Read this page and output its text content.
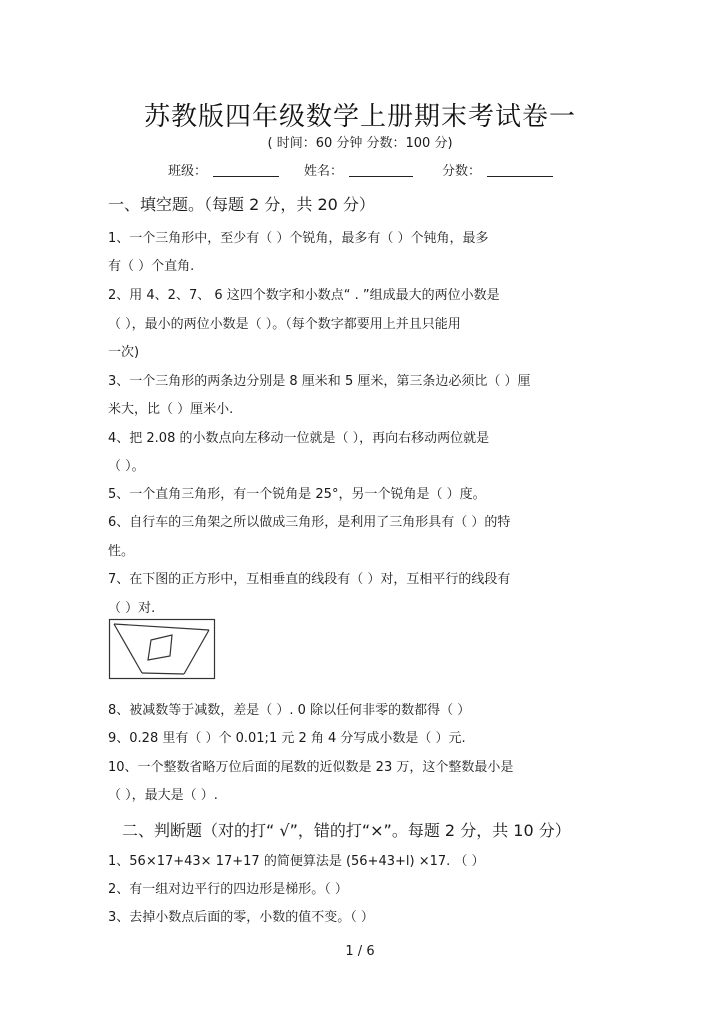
苏教版四年级数学上册期末考试卷一
( 时间：60 分钟 分数：100 分)
班级：	姓名：	分数：
一、填空题。（每题 2 分，共 20 分）
1、一个三角形中，至少有（ ）个锐角，最多有（ ）个钝角，最多
有（ ）个直角.
2、用 4、2、7、 6 这四个数字和小数点“ . ”组成最大的两位小数是
（ ），最小的两位小数是（ ）。（每个数字都要用上并且只能用
一次)
3、一个三角形的两条边分别是 8 厘米和 5 厘米，第三条边必须比（ ）厘
米大，比（ ）厘米小.
4、把 2.08 的小数点向左移动一位就是（ ），再向右移动两位就是
（ ）。
5、一个直角三角形，有一个锐角是 25°，另一个锐角是（ ）度。
6、自行车的三角架之所以做成三角形，是利用了三角形具有（ ）的特
性。
7、在下图的正方形中，互相垂直的线段有（ ）对，互相平行的线段有
（ ）对.
8、被减数等于减数，差是（ ）. 0 除以任何非零的数都得（ ）
9、0.28 里有（ ）个 0.01;1 元 2 角 4 分写成小数是（ ）元.
10、一个整数省略万位后面的尾数的近似数是 23 万，这个整数最小是
（ ），最大是（ ）.
二、判断题（对的打“ √”，错的打“×”。每题 2 分，共 10 分）
1、56×17+43× 17+17 的简便算法是 (56+43+l) ×17. （ ）
2、有一组对边平行的四边形是梯形。（ ）
3、去掉小数点后面的零，小数的值不变。（ ）
1 / 6
